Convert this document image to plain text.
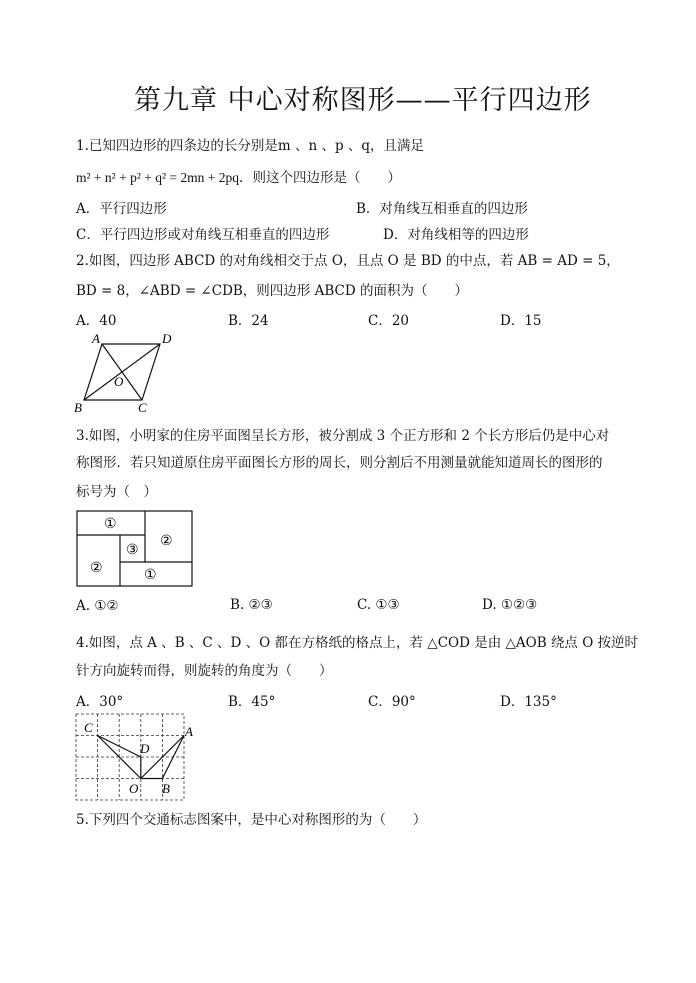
第九章 中心对称图形——平行四边形
1.已知四边形的四条边的长分别是m 、n 、p 、q，且满足
m² + n² + p² + q² = 2mn + 2pq．则这个四边形是（　　）
A．平行四边形	B．对角线互相垂直的四边形
C．平行四边形或对角线互相垂直的四边形	D．对角线相等的四边形
2.如图，四边形 ABCD 的对角线相交于点 O，且点 O 是 BD 的中点，若 AB = AD = 5，
BD = 8，∠ABD = ∠CDB，则四边形 ABCD 的面积为（　　）
A．40	B．24	C．20	D．15
A	D
O
B	C
3.如图，小明家的住房平面图呈长方形，被分割成 3 个正方形和 2 个长方形后仍是中心对
称图形．若只知道原住房平面图长方形的周长，则分割后不用测量就能知道周长的图形的
标号为（　）
①
②
③
②	①
A. ①②	B. ②③	C. ①③	D. ①②③
4.如图，点 A 、B 、C 、D 、O 都在方格纸的格点上，若 △COD 是由 △AOB 绕点 O 按逆时
针方向旋转而得，则旋转的角度为（　　）
A．30°	B．45°	C．90°	D．135°
C	A
D
O B
5.下列四个交通标志图案中，是中心对称图形的为（　　）
